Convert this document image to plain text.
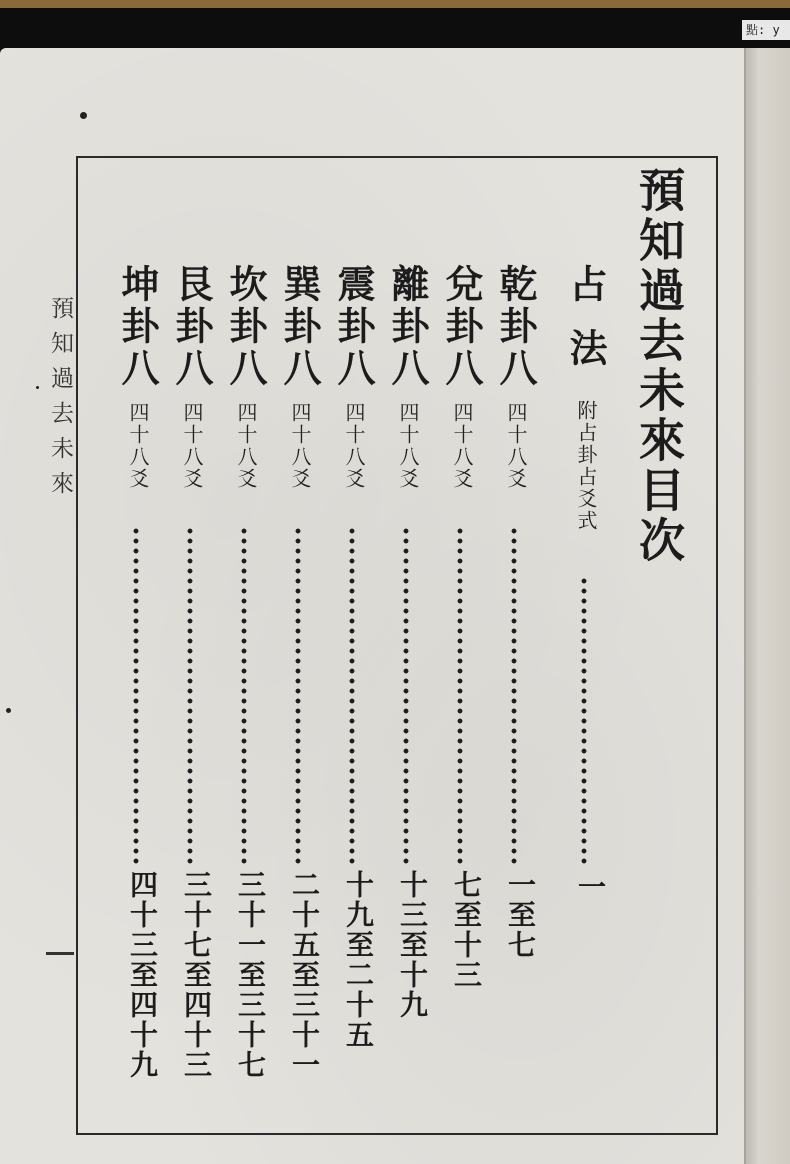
點: y
預知過去未來	預知過去未來目次
占法
附占卦占爻式
一
乾卦八
四十八爻
一至七
兌卦八
四十八爻
七至十三
離卦八
四十八爻
十三至十九
震卦八
四十八爻
十九至二十五
巽卦八
四十八爻
二十五至三十一
坎卦八
四十八爻
三十一至三十七
艮卦八
四十八爻
三十七至四十三
坤卦八
四十八爻
四十三至四十九
